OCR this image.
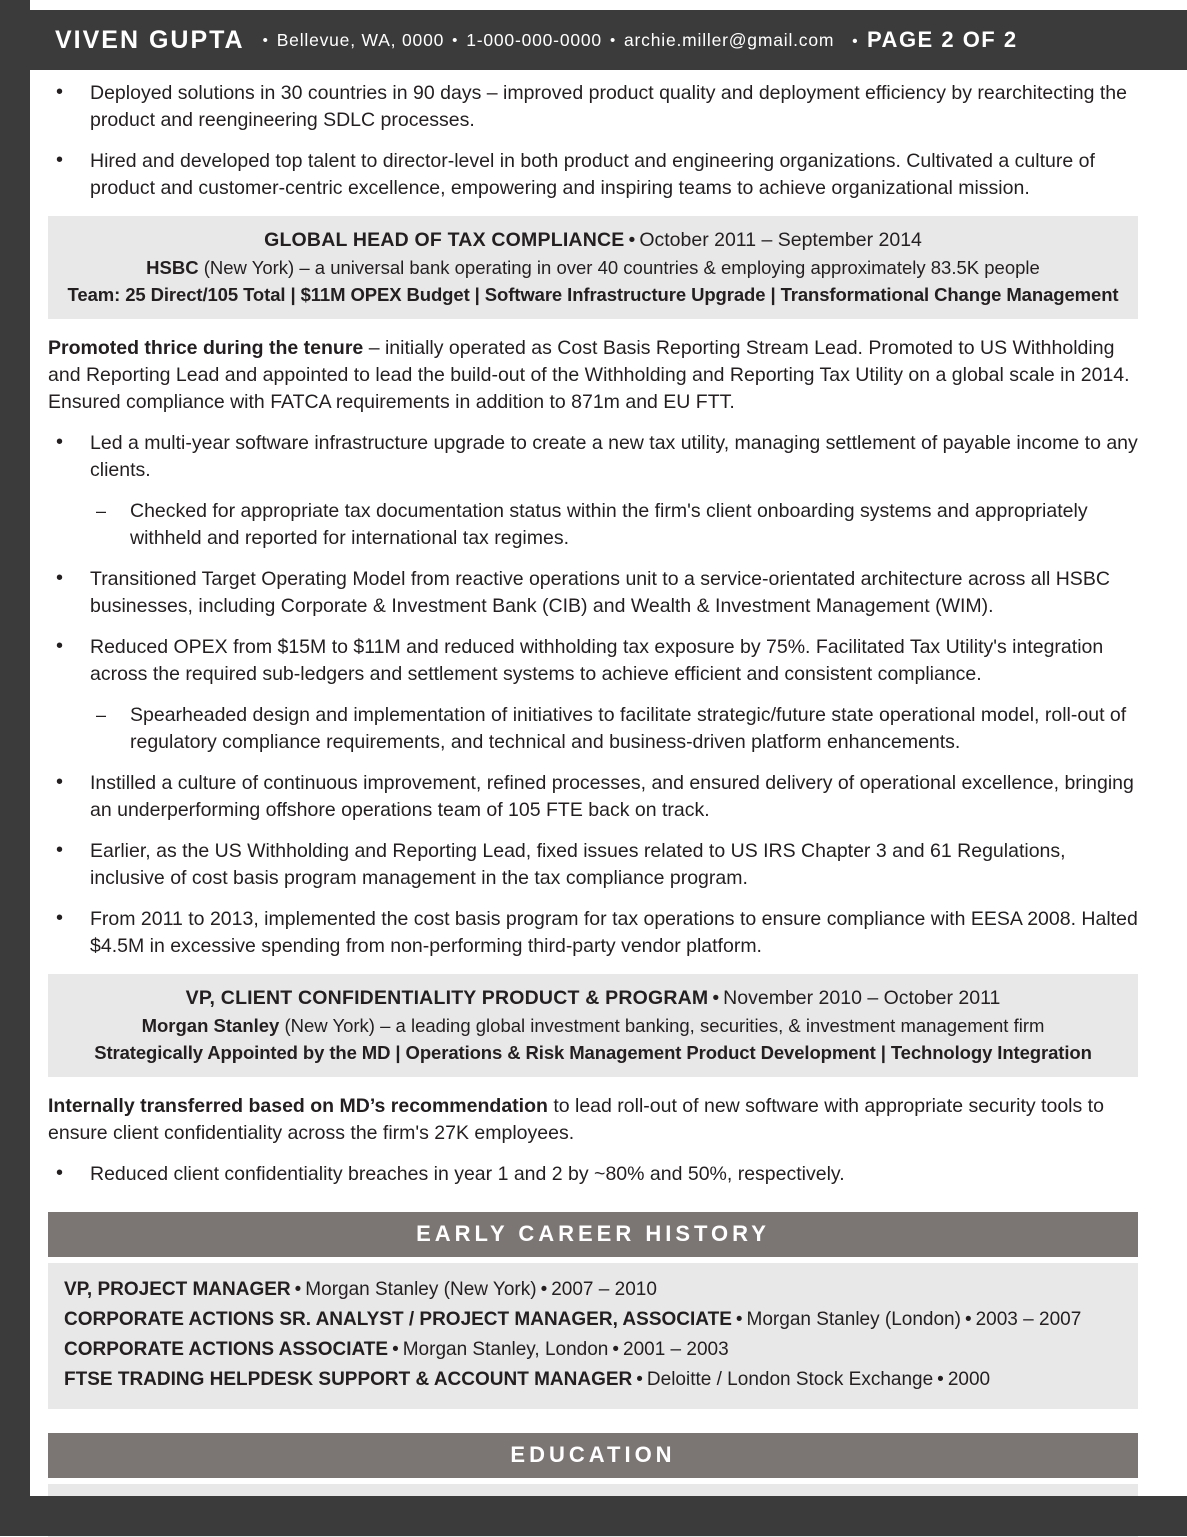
VIVEN GUPTA	• Bellevue, WA, 0000 • 1-000-000-0000 • archie.miller@gmail.com	• PAGE 2 OF 2
• Deployed solutions in 30 countries in 90 days – improved product quality and deployment efficiency by rearchitecting the product and reengineering SDLC processes.
• Hired and developed top talent to director-level in both product and engineering organizations. Cultivated a culture of product and customer-centric excellence, empowering and inspiring teams to achieve organizational mission.
GLOBAL HEAD OF TAX COMPLIANCE • October 2011 – September 2014
HSBC (New York) – a universal bank operating in over 40 countries & employing approximately 83.5K people
Team: 25 Direct/105 Total | $11M OPEX Budget | Software Infrastructure Upgrade | Transformational Change Management

Promoted thrice during the tenure – initially operated as Cost Basis Reporting Stream Lead. Promoted to US Withholding and Reporting Lead and appointed to lead the build-out of the Withholding and Reporting Tax Utility on a global scale in 2014. Ensured compliance with FATCA requirements in addition to 871m and EU FTT.

• Led a multi-year software infrastructure upgrade to create a new tax utility, managing settlement of payable income to any clients.
– Checked for appropriate tax documentation status within the firm's client onboarding systems and appropriately withheld and reported for international tax regimes.
• Transitioned Target Operating Model from reactive operations unit to a service-orientated architecture across all HSBC businesses, including Corporate & Investment Bank (CIB) and Wealth & Investment Management (WIM).
• Reduced OPEX from $15M to $11M and reduced withholding tax exposure by 75%. Facilitated Tax Utility's integration across the required sub-ledgers and settlement systems to achieve efficient and consistent compliance.
– Spearheaded design and implementation of initiatives to facilitate strategic/future state operational model, roll-out of regulatory compliance requirements, and technical and business-driven platform enhancements.
• Instilled a culture of continuous improvement, refined processes, and ensured delivery of operational excellence, bringing an underperforming offshore operations team of 105 FTE back on track.
• Earlier, as the US Withholding and Reporting Lead, fixed issues related to US IRS Chapter 3 and 61 Regulations, inclusive of cost basis program management in the tax compliance program.
• From 2011 to 2013, implemented the cost basis program for tax operations to ensure compliance with EESA 2008. Halted $4.5M in excessive spending from non-performing third-party vendor platform.
VP, CLIENT CONFIDENTIALITY PRODUCT & PROGRAM • November 2010 – October 2011
Morgan Stanley (New York) – a leading global investment banking, securities, & investment management firm
Strategically Appointed by the MD | Operations & Risk Management Product Development | Technology Integration

Internally transferred based on MD’s recommendation to lead roll-out of new software with appropriate security tools to ensure client confidentiality across the firm's 27K employees.

• Reduced client confidentiality breaches in year 1 and 2 by ~80% and 50%, respectively.
EARLY CAREER HISTORY
VP, PROJECT MANAGER • Morgan Stanley (New York) • 2007 – 2010
CORPORATE ACTIONS SR. ANALYST / PROJECT MANAGER, ASSOCIATE • Morgan Stanley (London) • 2003 – 2007
CORPORATE ACTIONS ASSOCIATE • Morgan Stanley, London • 2001 – 2003
FTSE TRADING HELPDESK SUPPORT & ACCOUNT MANAGER • Deloitte / London Stock Exchange • 2000
EDUCATION
